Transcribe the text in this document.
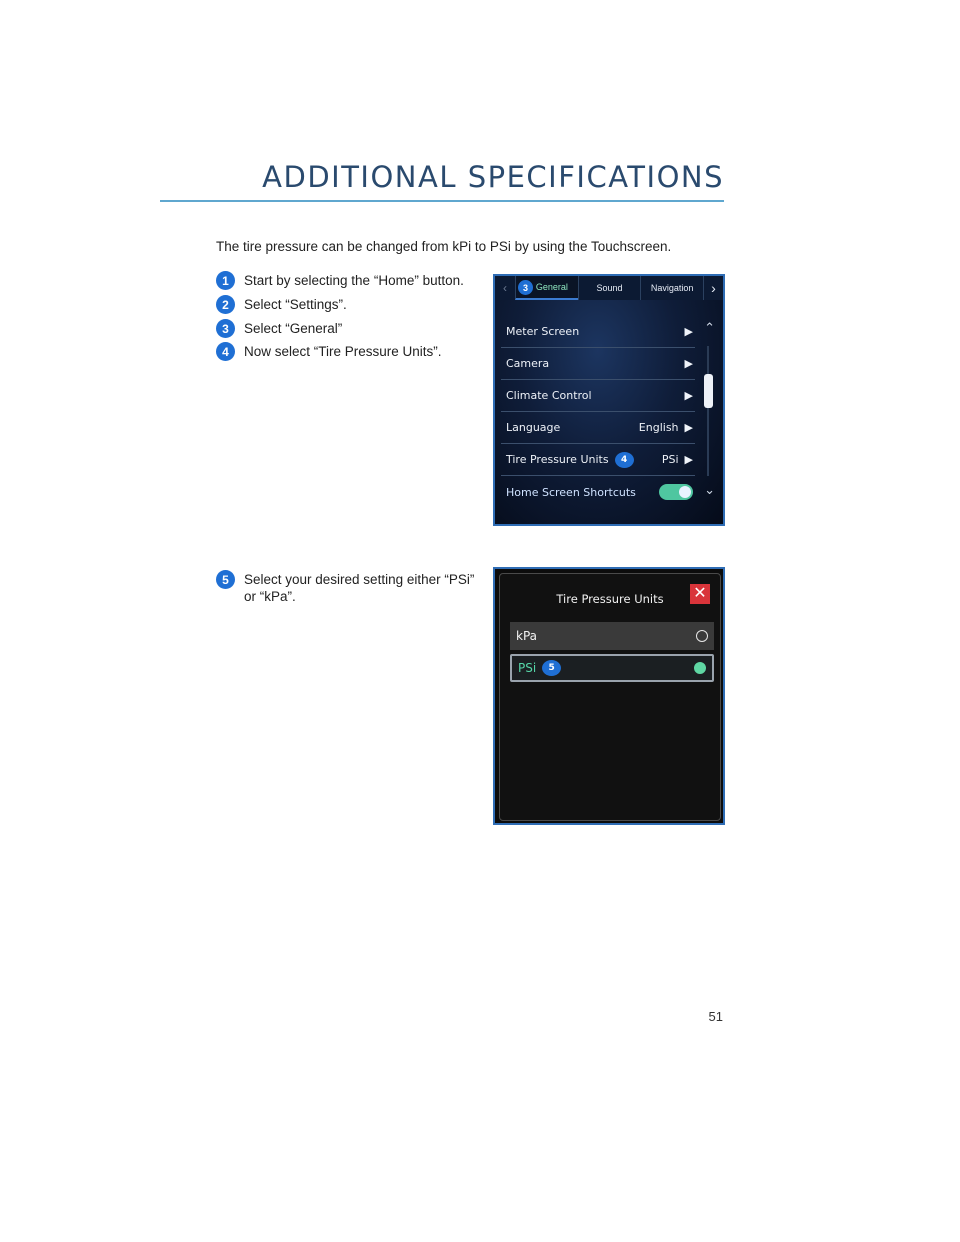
ADDITIONAL SPECIFICATIONS
The tire pressure can be changed from kPi to PSi by using the Touchscreen.
1	Start by selecting the “Home” button.
2	Select “Settings”.
3	Select “General”
4	Now select “Tire Pressure Units”.
5	Select your desired setting either “PSi” or “kPa”.
‹	3 General	Sound	Navigation	›
Meter Screen	▶
Camera	▶
Climate Control	▶
Language	English ▶
Tire Pressure Units	4	PSi ▶
Home Screen Shortcuts
⌃
⌄
Tire Pressure Units	✕
kPa
PSi	5
51
